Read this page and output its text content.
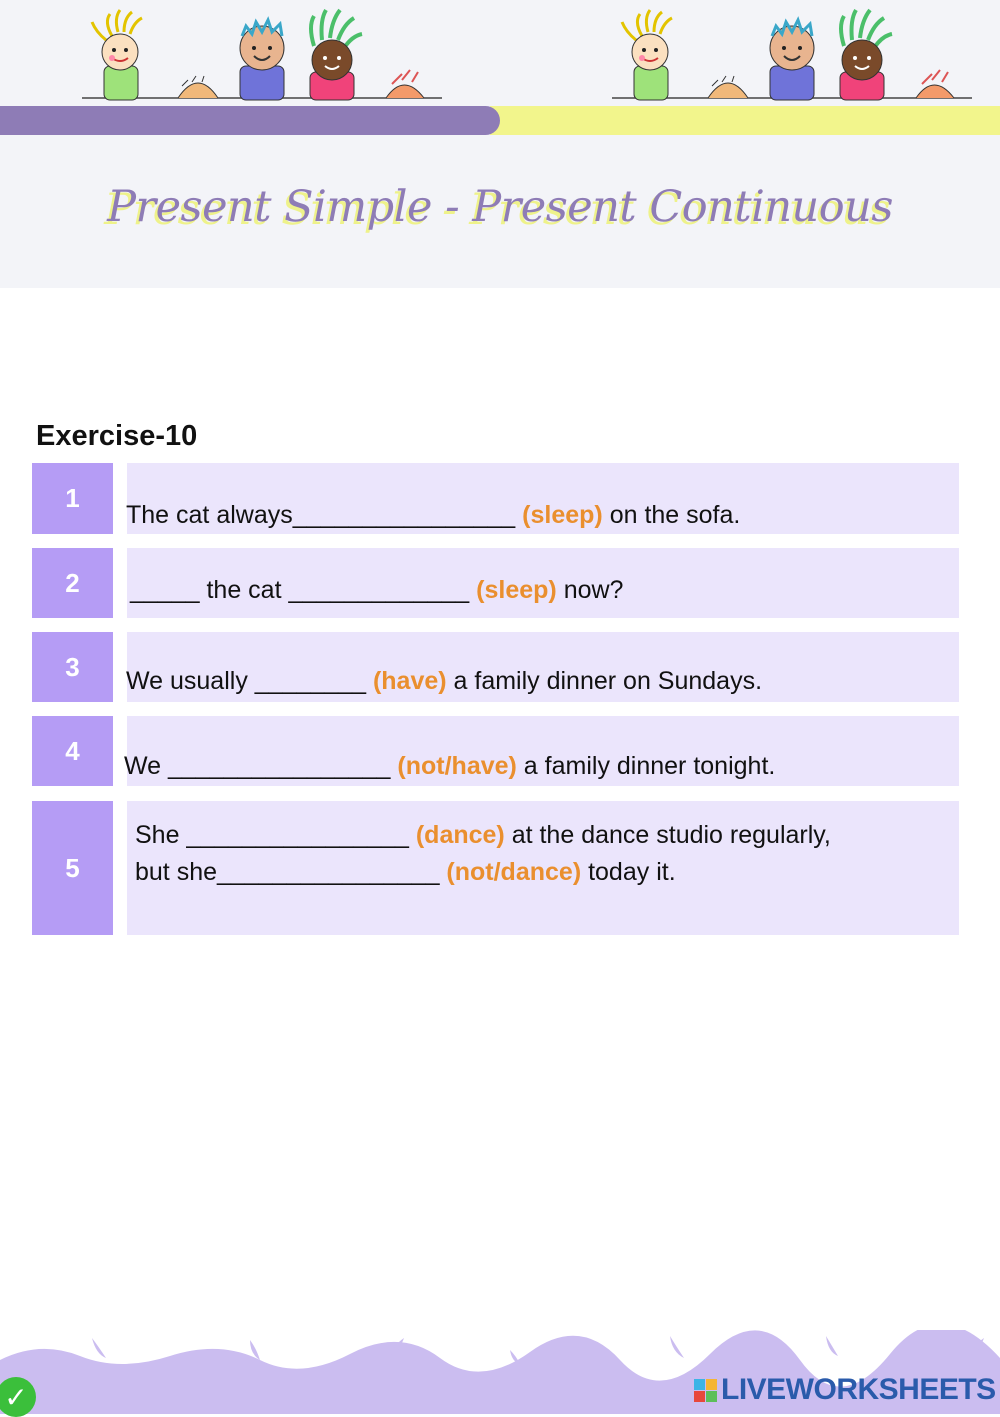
Present Simple - Present Continuous
Exercise-10
1
The cat always________________ (sleep) on the sofa.
2	_____ the cat _____________ (sleep) now?
3	We usually ________ (have) a family dinner on Sundays.
4
We ________________ (not/have) a family dinner tonight.
5
She ________________ (dance) at the dance studio regularly,
but she________________ (not/dance) today it.
✓	LIVEWORKSHEETS
